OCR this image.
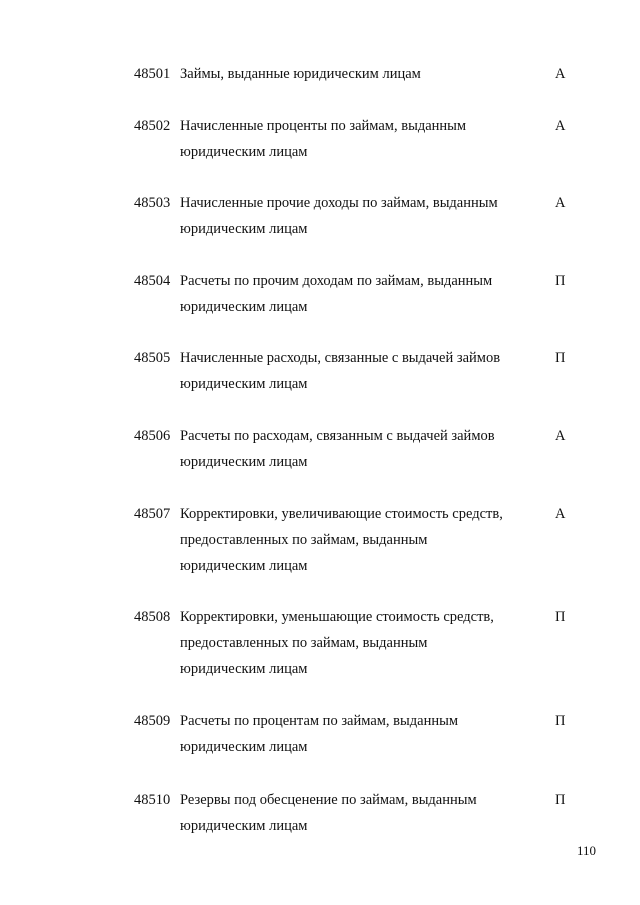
48501 Займы, выданные юридическим лицам	А
48502 Начисленные проценты по займам, выданным
юридическим лицам
А
48503 Начисленные прочие доходы по займам, выданным
юридическим лицам
А
48504 Расчеты по прочим доходам по займам, выданным
юридическим лицам
П
48505 Начисленные расходы, связанные с выдачей займов
юридическим лицам
П
48506 Расчеты по расходам, связанным с выдачей займов
юридическим лицам
А
48507 Корректировки, увеличивающие стоимость средств,
предоставленных по займам, выданным
юридическим лицам
А
48508 Корректировки, уменьшающие стоимость средств,
предоставленных по займам, выданным
юридическим лицам
П
48509 Расчеты по процентам по займам, выданным
юридическим лицам
П
48510 Резервы под обесценение по займам, выданным
юридическим лицам
П
110
